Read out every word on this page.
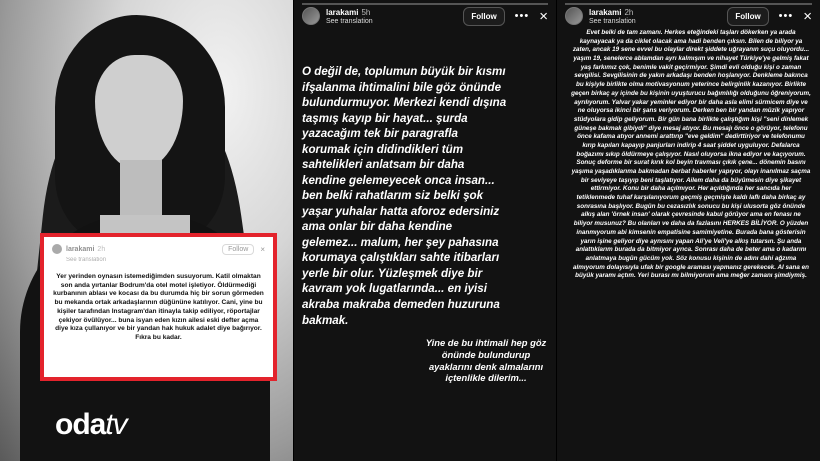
larakami 2h	Follow	×
See translation
Yer yerinden oynasın istemediğimden susuyorum. Katil olmaktan son anda yırtanlar Bodrum'da otel motel işletiyor. Öldürmediği kurbanının ablası ve kocası da bu durumda hiç bir sorun görmeden bu mekanda ortak arkadaşlarının düğününe katılıyor. Cani, yine bu kişiler tarafından Instagram'dan itinayla takip ediliyor, röportajlar çekiyor övülüyor... buna isyan eden kızın ailesi eski defter açma diye kıza çullanıyor ve bir yandan hak hukuk adalet diye bağırıyor. Fıkra bu kadar.
odatv
larakami 5h
See translation
Follow	••• ×
O değil de, toplumun büyük bir kısmı ifşalanma ihtimalini bile göz önünde bulundurmuyor. Merkezi kendi dışına taşmış kayıp bir hayat... şurda yazacağım tek bir paragrafla korumak için didindikleri tüm sahtelikleri anlatsam bir daha kendine gelemeyecek onca insan... ben belki rahatlarım siz belki şok yaşar yuhalar hatta aforoz edersiniz ama onlar bir daha kendine gelemez... malum, her şey pahasına korumaya çalıştıkları sahte itibarları yerle bir olur. Yüzleşmek diye bir kavram yok lugatlarında... en iyisi akraba makraba demeden huzuruna bakmak.
Yine de bu ihtimali hep göz önünde bulundurup ayaklarını denk almalarını içtenlikle dilerim...
larakami 2h
See translation
Follow	••• ×
Evet belki de tam zamanı. Herkes eteğindeki taşları dökerken ya arada kaynayacak ya da ciklet olacak ama hadi benden çıksın. Bilen de biliyor ya zaten, ancak 19 sene evvel bu olaylar direkt şiddete uğrayanın suçu oluyordu... yaşım 19, senelerce ablamdan ayrı kalmışım ve nihayet Türkiye'ye gelmiş fakat yaş farkımız çok, benimle vakit geçirmiyor. Şimdi evli olduğu kişi o zaman sevgilisi. Sevgilisinin de yakın arkadaşı benden hoşlanıyor. Denkleme bakınca bu kişiyle birlikte olma motivasyonum yeterince belirginlik kazanıyor. Birlikte geçen birkaç ay içinde bu kişinin uyuşturucu bağımlılığı olduğunu öğreniyorum, ayrılıyorum. Yalvar yakar yeminler ediyor bir daha asla elimi sürmicem diye ve ne oluyorsa ikinci bir şans veriyorum. Derken ben bir yandan müzik yapıyor stüdyolara gidip geliyorum. Bir gün bana birlikte çalıştığım kişi "seni dinlemek güneşe bakmak gibiydi" diye mesaj atıyor. Bu mesajı önce o görüyor, telefonu önce kafama atıyor annemi arattırıp "eve geldim" dedirttiriyor ve telefonumu kırıp kapıları kapayıp panjurları indirip 4 saat şiddet uyguluyor. Defalarca boğazımı sıkıp öldürmeye çalışıyor. Nasıl oluyorsa ikna ediyor ve kaçıyorum. Sonuç deforme bir surat kırık kol beyin travması çıkık çene... dönemin basını yaşıma yaşadıklarıma bakmadan berbat haberler yapıyor, olayı inanılmaz saçma bir seviyeye taşıyıp beni taşlatıyor. Ailem daha da büyümesin diye şikayet ettirmiyor. Konu bir daha açılmıyor. Her açıldığında her sancıda her tetiklenmede tuhaf karşılanıyorum geçmiş geçmişte kaldı laflı daha birkaç ay sonrasına başlıyor. Bugün bu cezasızlık sonucu bu kişi ulusorta göz önünde alkış alan 'örnek insan' olarak çevresinde kabul görüyor ama en fenası ne biliyor musunuz? Bu olanları ve daha da fazlasını HERKES BİLİYOR. O yüzden inanmıyorum abi kimsenin empatisine samimiyetine. Burada bana gösterisin yarın işine geliyor diye aynısını yapan Ali'ye Veli'ye alkış tutarsın. Şu anda anlattıklarım burada da bitmiyor ayrıca. Sonrası daha de beter ama o kadarını anlatmaya bugün gücüm yok. Söz konusu kişinin de adını dahi ağzıma almıyorum dolayısıyla ufak bir google araması yapmanız gerekecek. Al sana en büyük yaramı açtım. Yeri burası mı bilmiyorum ama meğer zamanı şimdiymiş.
